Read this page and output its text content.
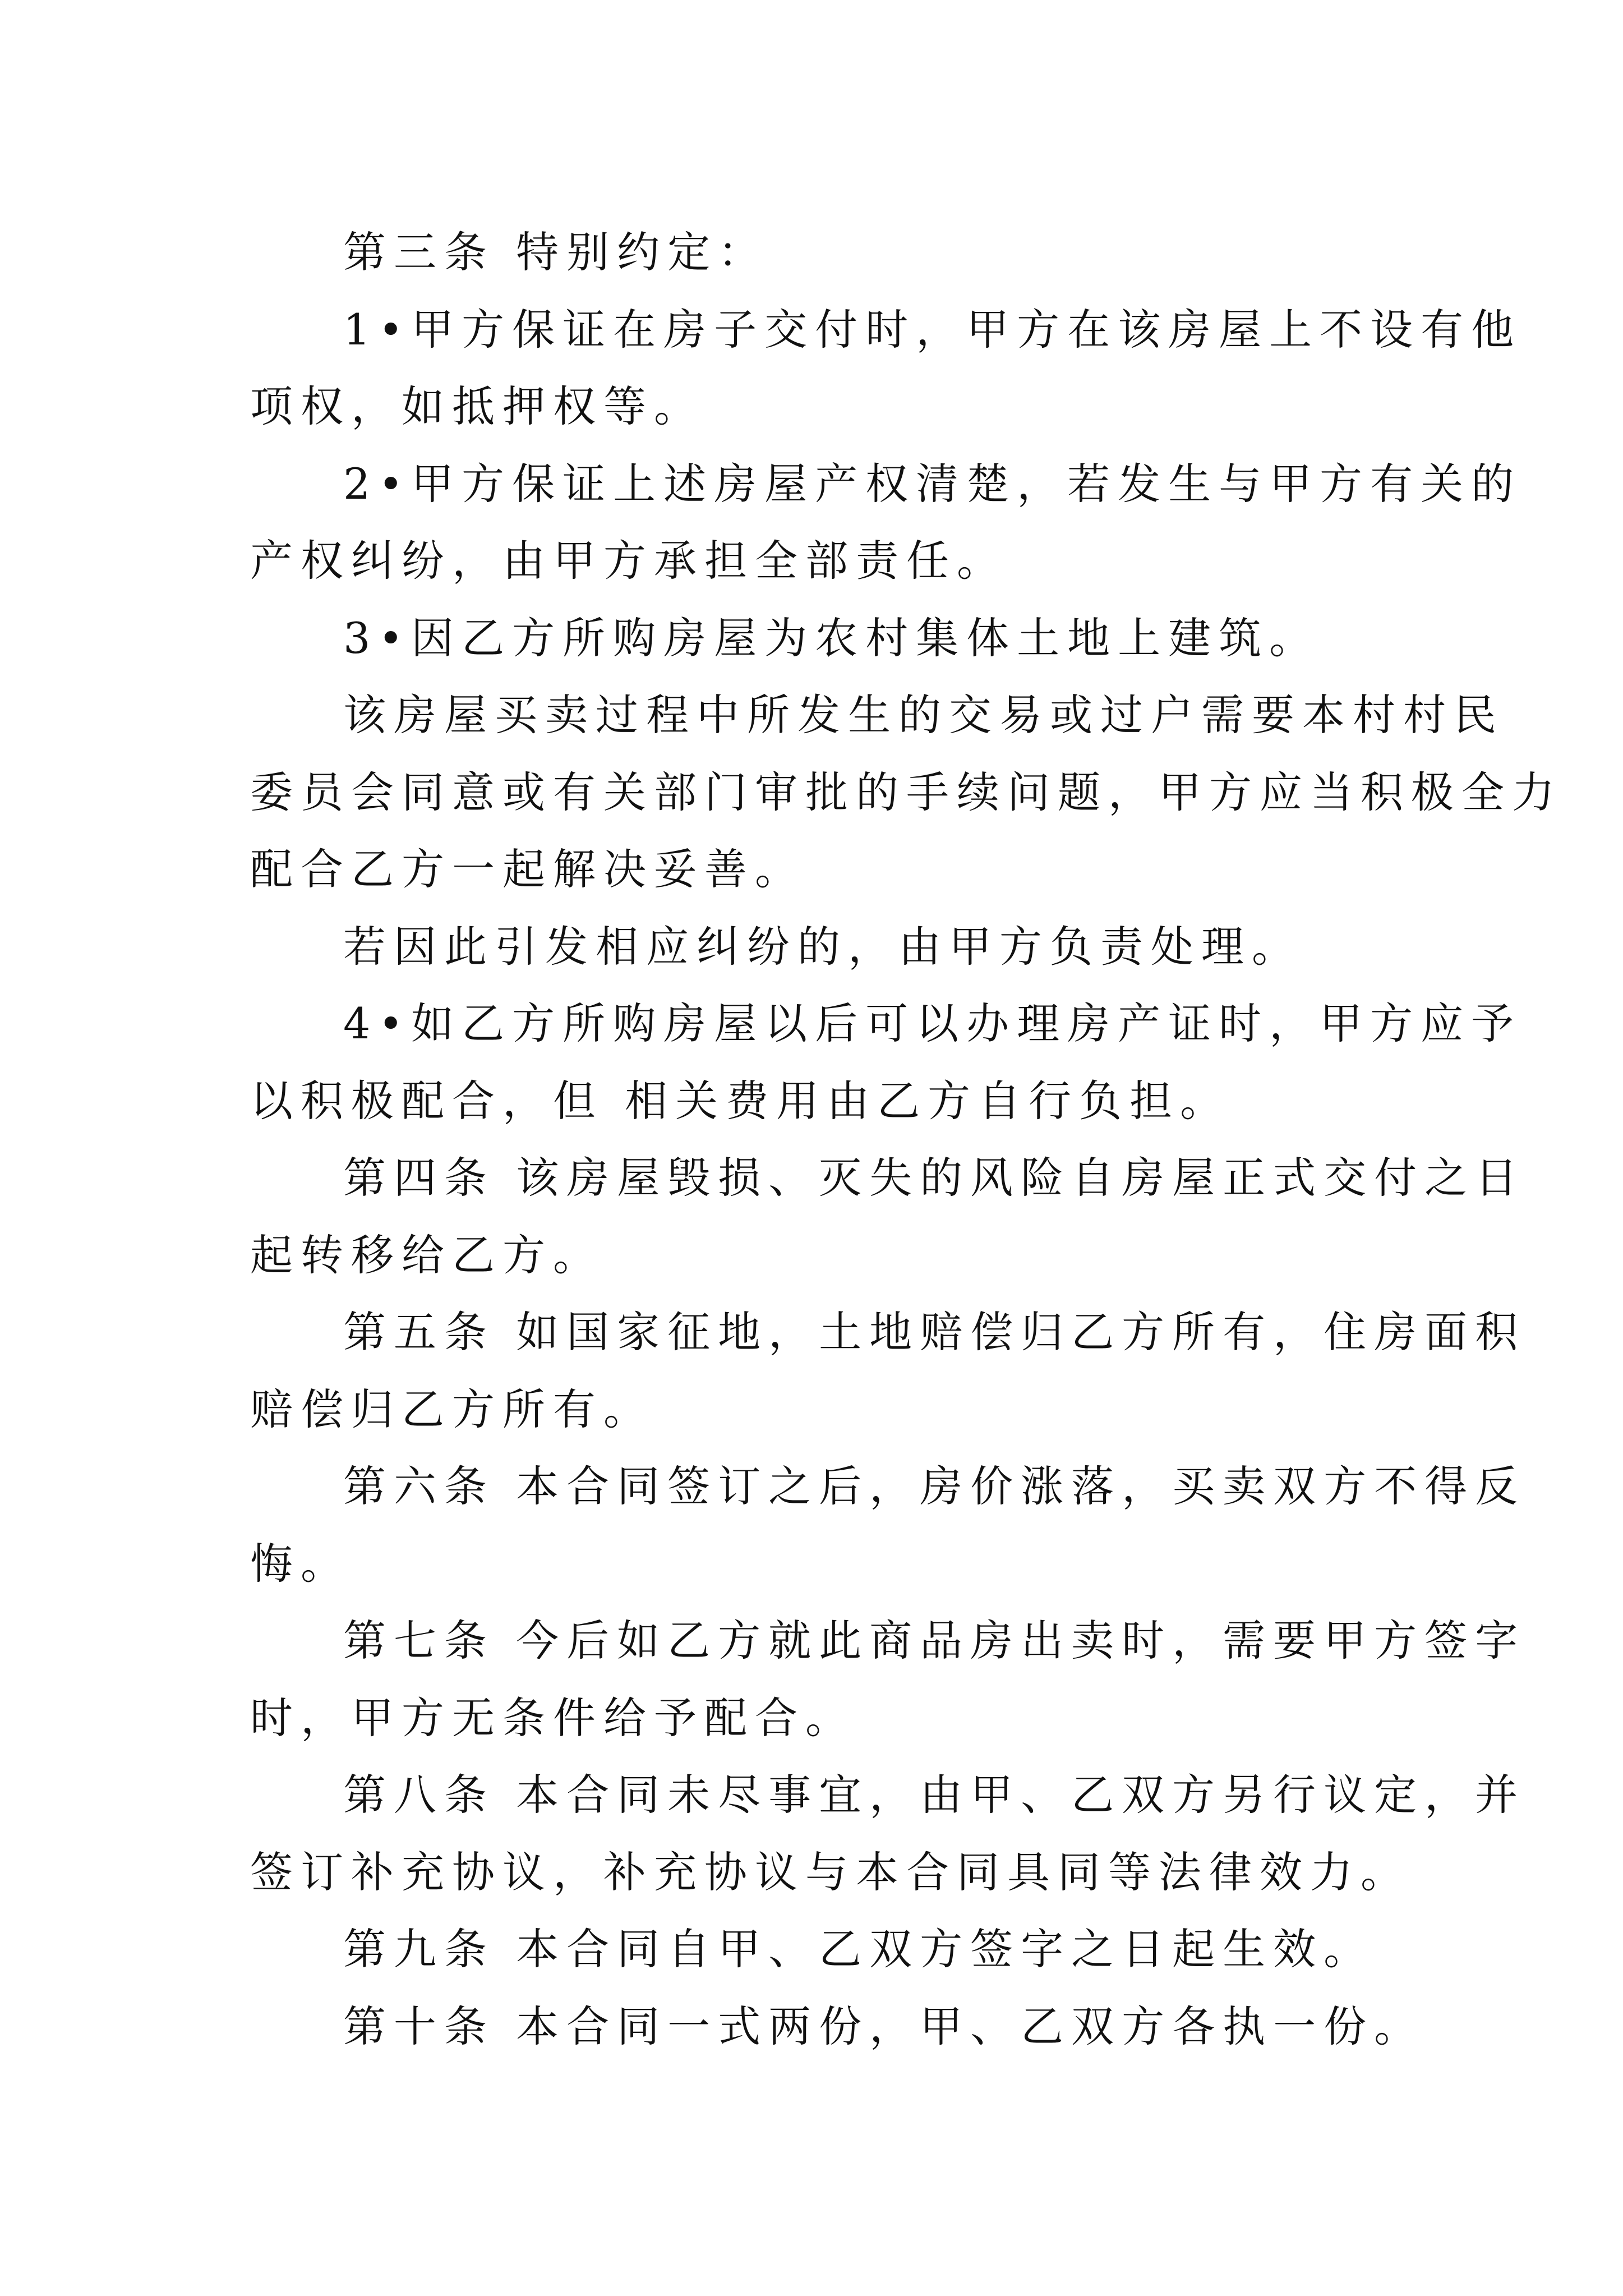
第三条 特别约定：

1•甲方保证在房子交付时，甲方在该房屋上不设有他
项权，如抵押权等。

2•甲方保证上述房屋产权清楚，若发生与甲方有关的
产权纠纷，由甲方承担全部责任。

3•因乙方所购房屋为农村集体土地上建筑。

该房屋买卖过程中所发生的交易或过户需要本村村民
委员会同意或有关部门审批的手续问题，甲方应当积极全力
配合乙方一起解决妥善。

若因此引发相应纠纷的，由甲方负责处理。

4•如乙方所购房屋以后可以办理房产证时，甲方应予
以积极配合，但 相关费用由乙方自行负担。

第四条 该房屋毁损、灭失的风险自房屋正式交付之日
起转移给乙方。

第五条 如国家征地，土地赔偿归乙方所有，住房面积
赔偿归乙方所有。

第六条 本合同签订之后，房价涨落，买卖双方不得反
悔。

第七条 今后如乙方就此商品房出卖时，需要甲方签字
时，甲方无条件给予配合。

第八条 本合同未尽事宜，由甲、乙双方另行议定，并
签订补充协议，补充协议与本合同具同等法律效力。

第九条 本合同自甲、乙双方签字之日起生效。

第十条 本合同一式两份，甲、乙双方各执一份。
